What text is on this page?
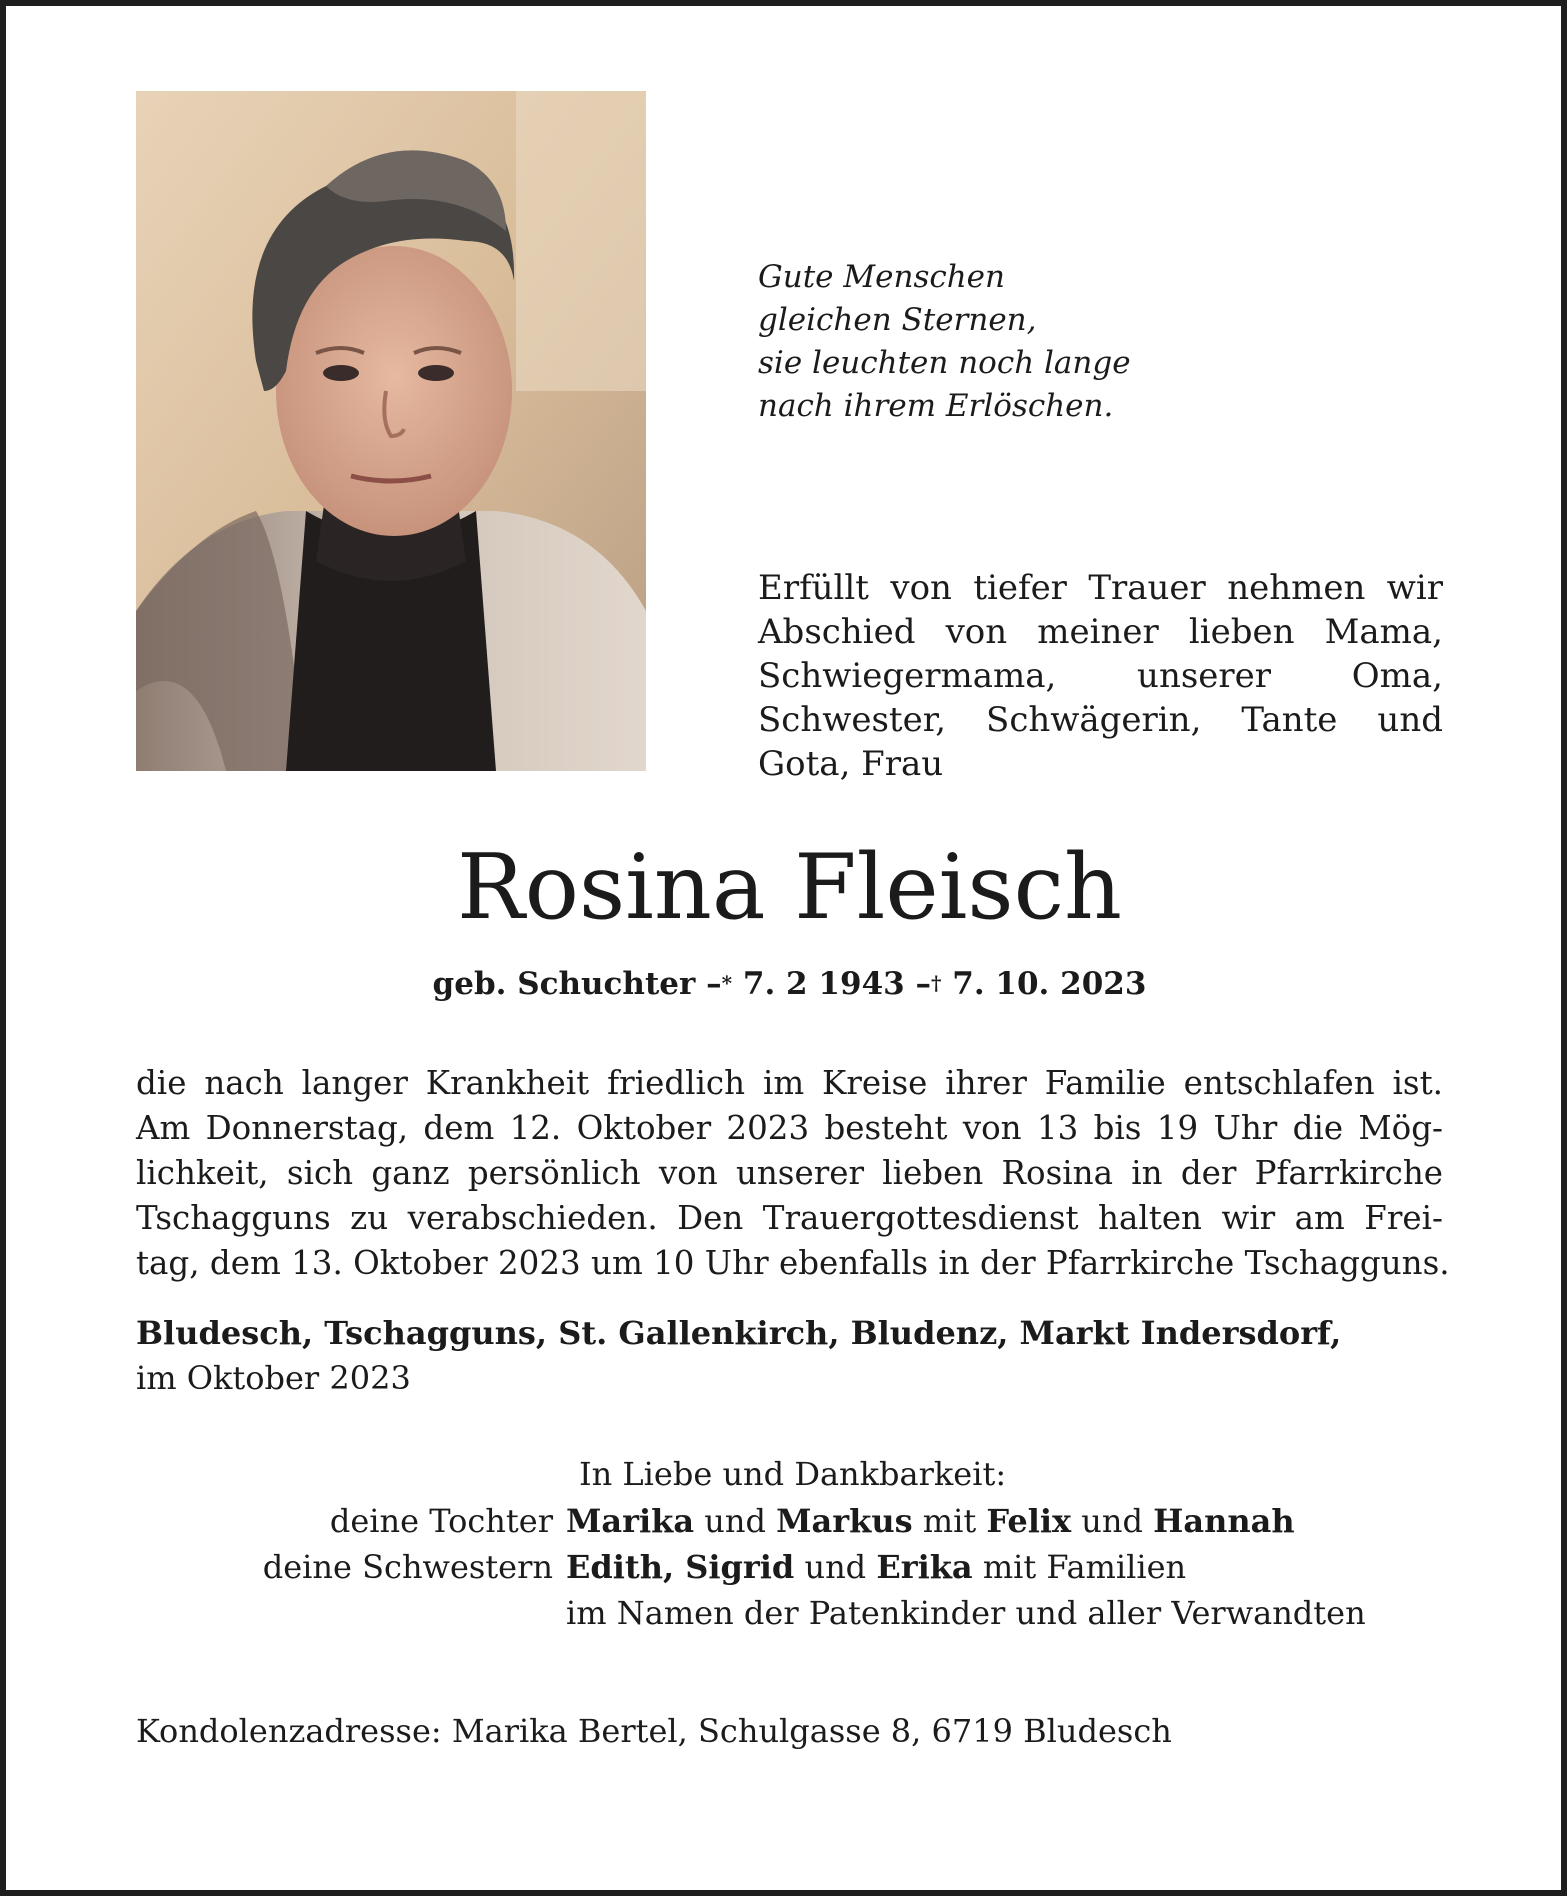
Gute Menschen
gleichen Sternen,
sie leuchten noch lange
nach ihrem Erlöschen.
Erfüllt von tiefer Trauer nehmen wir Abschied von meiner lieben Mama, Schwiegermama, unserer Oma, Schwester, Schwägerin, Tante und Gota, Frau
Rosina Fleisch
geb. Schuchter –* 7. 2 1943 –† 7. 10. 2023
die nach langer Krankheit friedlich im Kreise ihrer Familie entschlafen ist.
Am Donnerstag, dem 12. Oktober 2023 besteht von 13 bis 19 Uhr die Mög-
lichkeit, sich ganz persönlich von unserer lieben Rosina in der Pfarrkirche
Tschagguns zu verabschieden. Den Trauergottesdienst halten wir am Frei-
tag, dem 13. Oktober 2023 um 10 Uhr ebenfalls in der Pfarrkirche Tschagguns.
Bludesch, Tschagguns, St. Gallenkirch, Bludenz, Markt Indersdorf,
im Oktober 2023
In Liebe und Dankbarkeit:
deine Tochter Marika und Markus mit Felix und Hannah
deine Schwestern Edith, Sigrid und Erika mit Familien
im Namen der Patenkinder und aller Verwandten
Kondolenzadresse: Marika Bertel, Schulgasse 8, 6719 Bludesch
